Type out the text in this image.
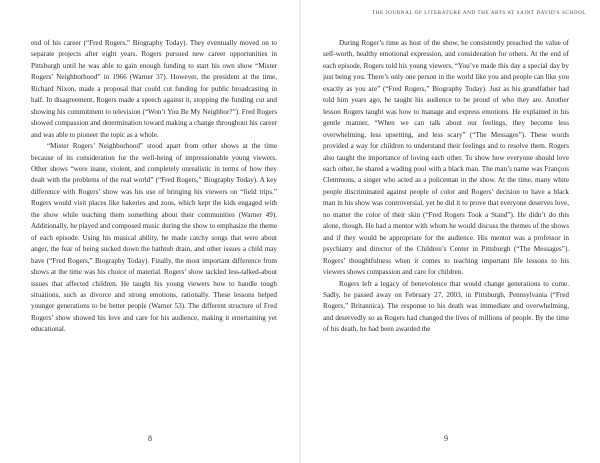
end of his career (“Fred Rogers,” Biography Today). They eventually moved on to separate projects after eight years. Rogers pursued new career opportunities in Pittsburgh until he was able to gain enough funding to start his own show “Mister Rogers’ Neighborhood” in 1966 (Warner 37). However, the president at the time, Richard Nixon, made a proposal that could cut funding for public broadcasting in half. In disagreement, Rogers made a speech against it, stopping the funding cut and showing his commitment to television (“Won’t You Be My Neighbor?”). Fred Rogers showed compassion and determination toward making a change throughout his career and was able to pioneer the topic as a whole.

“Mister Rogers’ Neighborhood” stood apart from other shows at the time because of its consideration for the well-being of impressionable young viewers. Other shows “were inane, violent, and completely unrealistic in terms of how they dealt with the problems of the real world” (“Fred Rogers,” Biography Today). A key difference with Rogers’ show was his use of bringing his viewers on “field trips.” Rogers would visit places like bakeries and zoos, which kept the kids engaged with the show while teaching them something about their communities (Warner 49). Additionally, he played and composed music during the show to emphasize the theme of each episode. Using his musical ability, he made catchy songs that were about anger, the fear of being sucked down the bathtub drain, and other issues a child may have (“Fred Rogers,” Biography Today). Finally, the most important difference from shows at the time was his choice of material. Rogers’ show tackled less-talked-about issues that affected children. He taught his young viewers how to handle tough situations, such as divorce and strong emotions, rationally. These lessons helped younger generations to be better people (Warner 53). The different structure of Fred Rogers’ show showed his love and care for his audience, making it entertaining yet educational.

8
THE JOURNAL OF LITERATURE AND THE ARTS AT SAINT DAVID'S SCHOOL

During Roger’s time as host of the show, he consistently preached the value of self-worth, healthy emotional expression, and consideration for others. At the end of each episode, Rogers told his young viewers, “You’ve made this day a special day by just being you. There’s only one person in the world like you and people can like you exactly as you are” (“Fred Rogers,” Biography Today). Just as his grandfather had told him years ago, he taught his audience to be proud of who they are. Another lesson Rogers taught was how to manage and express emotions. He explained in his gentle manner, “When we can talk about our feelings, they become less overwhelming, less upsetting, and less scary” (“The Messages”). These words provided a way for children to understand their feelings and to resolve them. Rogers also taught the importance of loving each other. To show how everyone should love each other, he shared a wading pool with a black man. The man’s name was François Clemmons, a singer who acted as a policeman in the show. At the time, many white people discriminated against people of color and Rogers’ decision to have a black man in his show was controversial, yet he did it to prove that everyone deserves love, no matter the color of their skin (“Fred Rogers Took a Stand”). He didn’t do this alone, though. He had a mentor with whom he would discuss the themes of the shows and if they would be appropriate for the audience. His mentor was a professor in psychiatry and director of the Children’s Center in Pittsburgh (“The Messages”). Rogers’ thoughtfulness when it comes to teaching important life lessons to his viewers shows compassion and care for children.

Rogers left a legacy of benevolence that would change generations to come. Sadly, he passed away on February 27, 2003, in Pittsburgh, Pennsylvania (“Fred Rogers,” Britannica). The response to his death was immediate and overwhelming, and deservedly so as Rogers had changed the lives of millions of people. By the time of his death, he had been awarded the

9
